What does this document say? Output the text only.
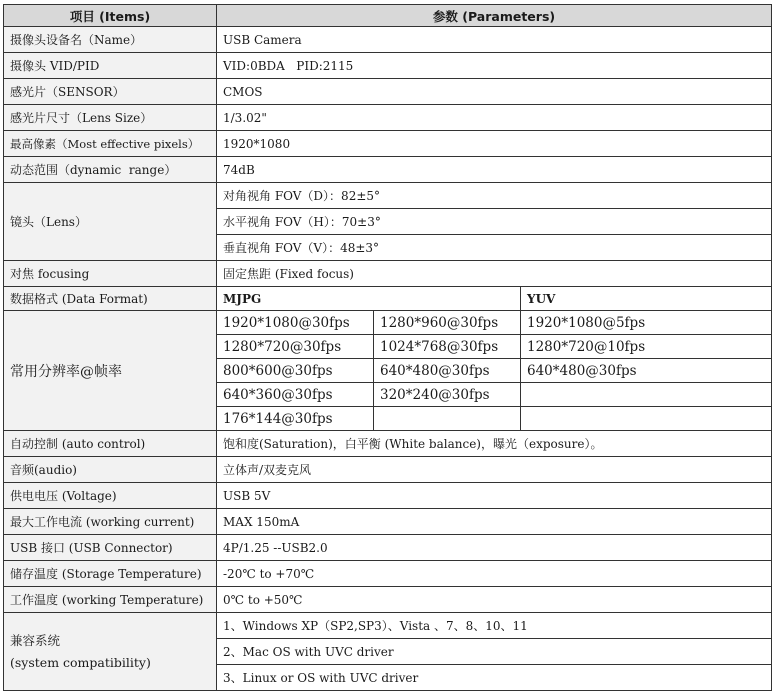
项目 (Items)	参数 (Parameters)		
摄像头设备名（Name）	USB Camera		
摄像头 VID/PID	VID:0BDA   PID:2115		
感光片（SENSOR）	CMOS		
感光片尺寸（Lens Size）	1/3.02"		
最高像素（Most effective pixels）	1920*1080		
动态范围（dynamic  range）	74dB		
镜头（Lens）	对角视角 FOV（D）：82±5°		
	水平视角 FOV（H）：70±3°		
	垂直视角 FOV（V）：48±3°		
对焦 focusing	固定焦距 (Fixed focus)		
数据格式 (Data Format)	MJPG		YUV
常用分辨率@帧率	1920*1080@30fps	1280*960@30fps	1920*1080@5fps
	1280*720@30fps	1024*768@30fps	1280*720@10fps
	800*600@30fps	640*480@30fps	640*480@30fps
	640*360@30fps	320*240@30fps	
	176*144@30fps		
自动控制 (auto control)	饱和度(Saturation)，白平衡 (White balance)，曝光（exposure）。		
音频(audio)	立体声/双麦克风		
供电电压 (Voltage)	USB 5V		
最大工作电流 (working current)	MAX 150mA		
USB 接口 (USB Connector)	4P/1.25 --USB2.0		
储存温度 (Storage Temperature)	-20℃ to +70℃		
工作温度 (working Temperature)	0℃ to +50℃		

兼容系统
(system compatibility)	1、Windows XP（SP2,SP3）、Vista 、7、8、10、11		
	2、Mac OS with UVC driver		
	3、Linux or OS with UVC driver		
